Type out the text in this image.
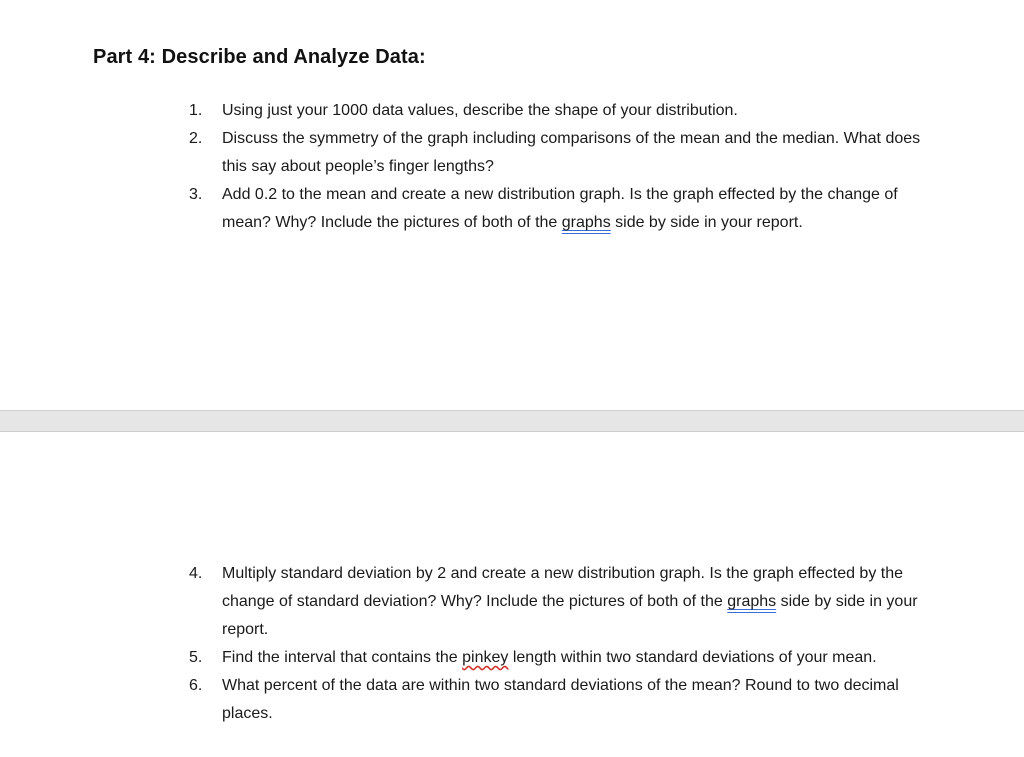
Part 4: Describe and Analyze Data:
1.	Using just your 1000 data values, describe the shape of your distribution.
2.	Discuss the symmetry of the graph including comparisons of the mean and the median. What does this say about people’s finger lengths?
3.	Add 0.2 to the mean and create a new distribution graph. Is the graph effected by the change of mean? Why? Include the pictures of both of the graphs side by side in your report.
4.	Multiply standard deviation by 2 and create a new distribution graph. Is the graph effected by the change of standard deviation? Why? Include the pictures of both of the graphs side by side in your report.
5.	Find the interval that contains the pinkey length within two standard deviations of your mean.
6.	What percent of the data are within two standard deviations of the mean? Round to two decimal places.
